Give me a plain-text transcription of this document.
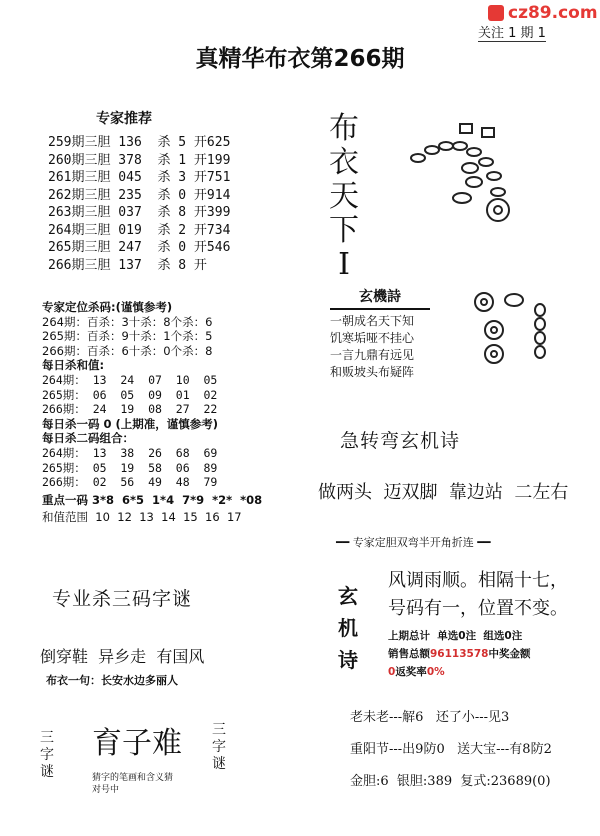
cz89.com
关注 1 期 1
真精华布衣第266期
专家推荐
259期三胆 136  杀 5 开625
260期三胆 378  杀 1 开199
261期三胆 045  杀 3 开751
262期三胆 235  杀 0 开914
263期三胆 037  杀 8 开399
264期三胆 019  杀 2 开734
265期三胆 247  杀 0 开546
266期三胆 137  杀 8 开
布
衣
天
下
I
玄機詩
一朝成名天下知
饥寒垢哑不挂心
一言九鼎有远见
和贩坡头布疑阵
专家定位杀码:(谨慎参考)
264期：百杀：3十杀：8个杀：6
265期：百杀：9十杀：1个杀：5
266期：百杀：6十杀：0个杀：8
每日杀和值:
264期： 13  24  07  10  05
265期： 06  05  09  01  02
266期： 24  19  08  27  22
每日杀一码 0 (上期准，谨慎参考)
每日杀二码组合：
264期： 13  38  26  68  69
265期： 05  19  58  06  89
266期： 02  56  49  48  79
重点一码 3*8  6*5  1*4  7*9  *2*  *08
和值范围  10  12  13  14  15  16  17
急转弯玄机诗
做两头  迈双脚  靠边站  二左右
━━ 专家定胆双弯半开角折连 ━━
玄
机
诗
风调雨顺。相隔十七，
号码有一，位置不变。
上期总计  单选0注  组选0注
销售总额96113578中奖金额
0返奖率0%
专业杀三码字谜
倒穿鞋  异乡走  有国风
布衣一句：长安水边多丽人
三字谜
育子难
猜字的笔画和含义猜
对号中
三字谜
老未老---解6   还了小---见3
重阳节---出9防0   送大宝---有8防2
金胆:6  银胆:389  复式:23689(0)
